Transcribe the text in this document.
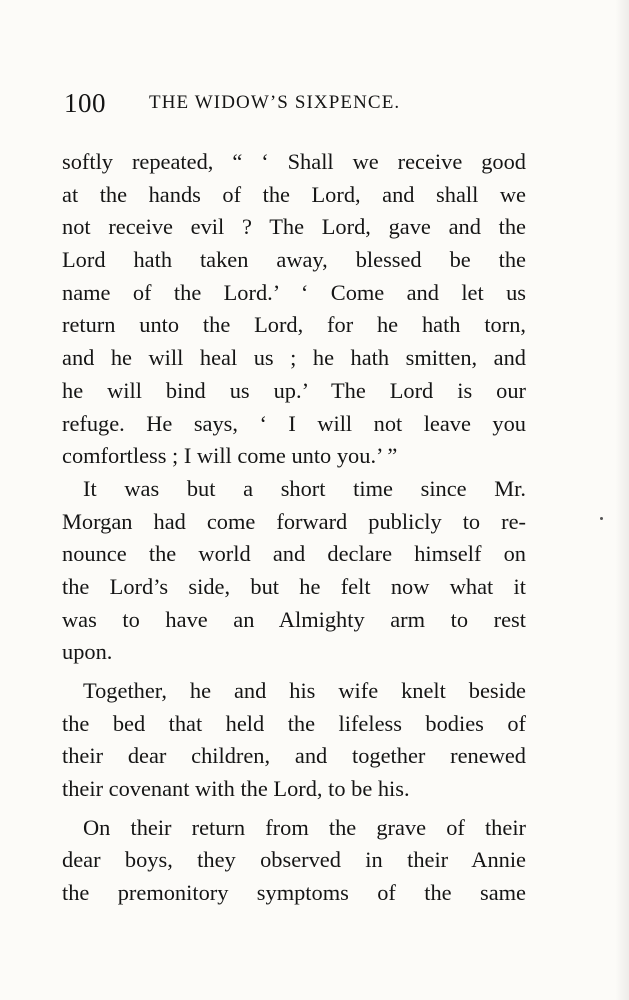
100 THE WIDOW’S SIXPENCE.
softly repeated, “ ‘ Shall we receive good
at the hands of the Lord, and shall we
not receive evil ? The Lord, gave and the
Lord hath taken away, blessed be the
name of the Lord.’ ‘ Come and let us
return unto the Lord, for he hath torn,
and he will heal us ; he hath smitten, and
he will bind us up.’ The Lord is our
refuge. He says, ‘ I will not leave you
comfortless ; I will come unto you.’ ”
It was but a short time since Mr.
Morgan had come forward publicly to re-
nounce the world and declare himself on
the Lord’s side, but he felt now what it
was to have an Almighty arm to rest
upon.
Together, he and his wife knelt beside
the bed that held the lifeless bodies of
their dear children, and together renewed
their covenant with the Lord, to be his.
On their return from the grave of their
dear boys, they observed in their Annie
the premonitory symptoms of the same
